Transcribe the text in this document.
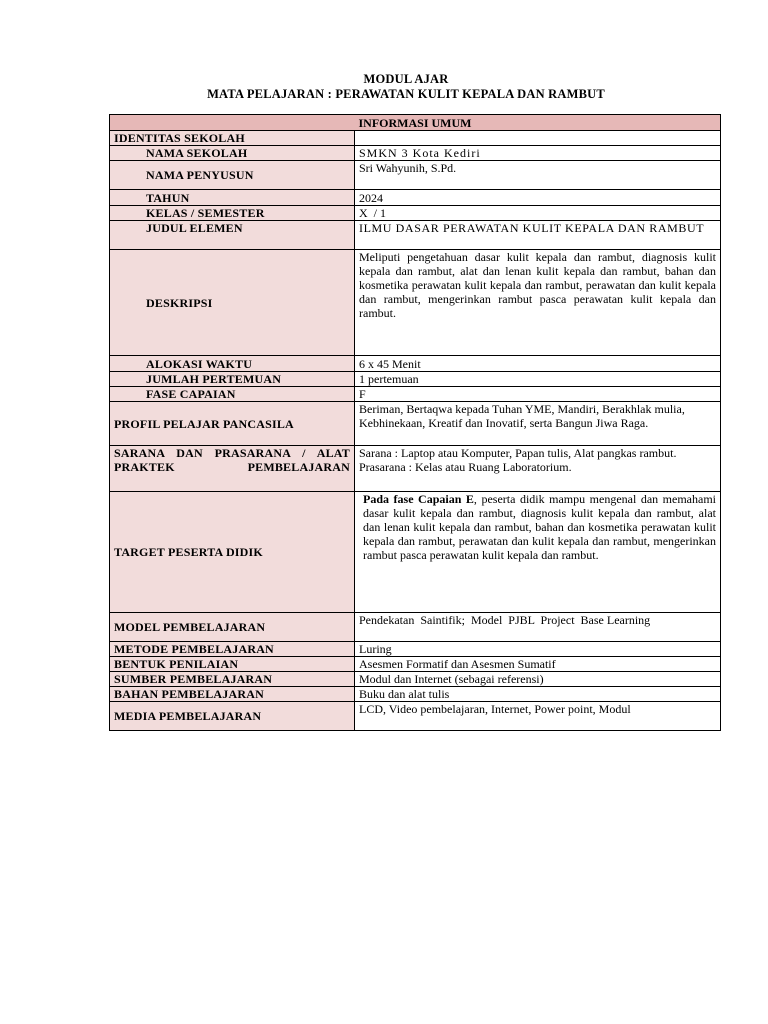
MODUL AJAR
MATA PELAJARAN : PERAWATAN KULIT KEPALA DAN RAMBUT
INFORMASI UMUM	
IDENTITAS SEKOLAH	
NAMA SEKOLAH	SMKN 3 Kota Kediri
NAMA PENYUSUN	Sri Wahyunih, S.Pd.
TAHUN	2024
KELAS / SEMESTER	X  / 1
JUDUL ELEMEN	ILMU DASAR PERAWATAN KULIT KEPALA DAN RAMBUT
DESKRIPSI	Meliputi pengetahuan dasar kulit kepala dan rambut, diagnosis kulit kepala dan rambut, alat dan lenan kulit kepala dan rambut, bahan dan kosmetika perawatan kulit kepala dan rambut, perawatan dan kulit kepala dan rambut, mengerinkan rambut pasca perawatan kulit kepala dan rambut.
ALOKASI WAKTU	6 x 45 Menit
JUMLAH PERTEMUAN	1 pertemuan
FASE CAPAIAN	F
PROFIL PELAJAR PANCASILA	Beriman, Bertaqwa kepada Tuhan YME, Mandiri, Berakhlak mulia, Kebhinekaan, Kreatif dan Inovatif, serta Bangun Jiwa Raga.
SARANA DAN PRASARANA / ALAT PRAKTEK PEMBELAJARAN	Sarana : Laptop atau Komputer, Papan tulis, Alat pangkas rambut.
Prasarana : Kelas atau Ruang Laboratorium.

TARGET PESERTA DIDIK	Pada fase Capaian E, peserta didik mampu mengenal dan memahami dasar kulit kepala dan rambut, diagnosis kulit kepala dan rambut, alat dan lenan kulit kepala dan rambut, bahan dan kosmetika perawatan kulit kepala dan rambut, perawatan dan kulit kepala dan rambut, mengerinkan rambut pasca perawatan kulit kepala dan rambut.
MODEL PEMBELAJARAN	Pendekatan  Saintifik;  Model  PJBL  Project  Base Learning
METODE PEMBELAJARAN	Luring
BENTUK PENILAIAN	Asesmen Formatif dan Asesmen Sumatif
SUMBER PEMBELAJARAN	Modul dan Internet (sebagai referensi)
BAHAN PEMBELAJARAN	Buku dan alat tulis
MEDIA PEMBELAJARAN	LCD, Video pembelajaran, Internet, Power point, Modul
